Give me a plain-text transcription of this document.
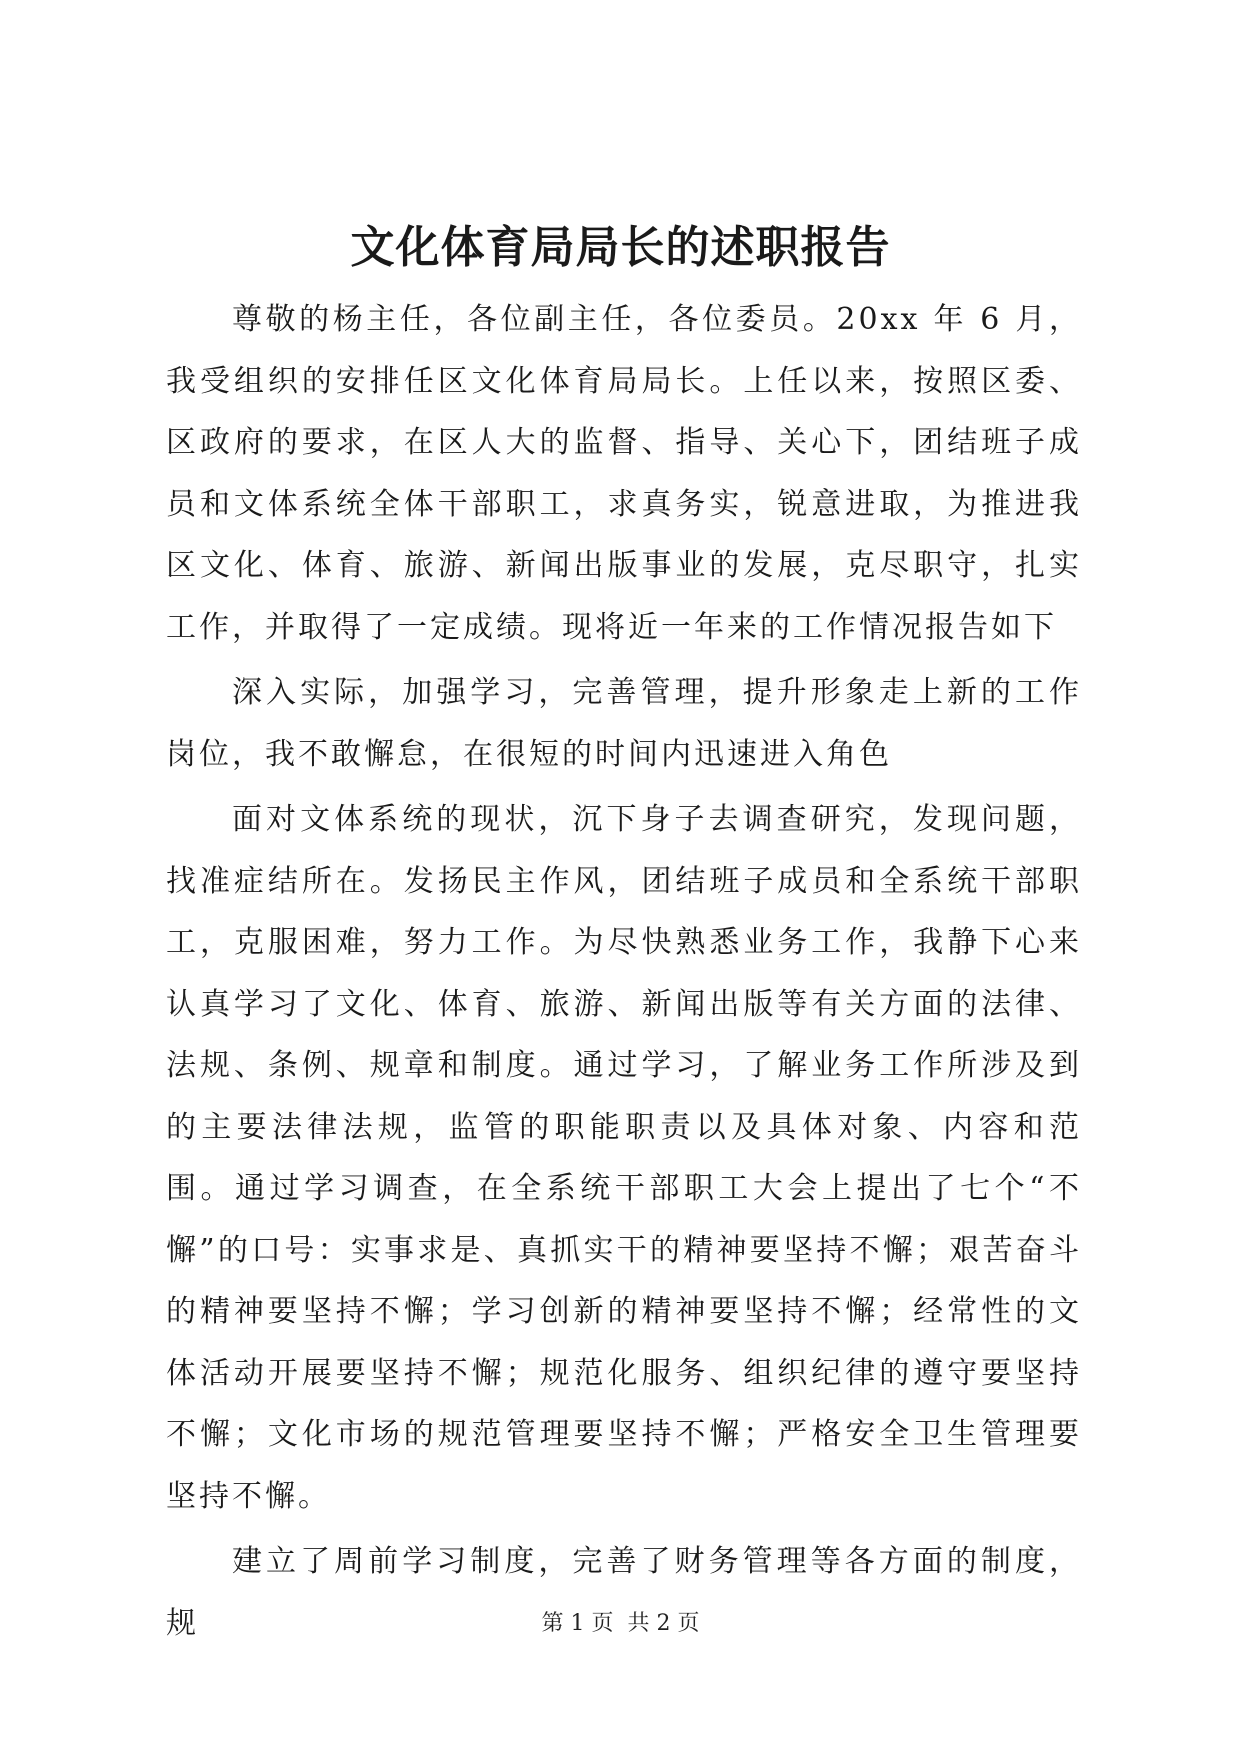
文化体育局局长的述职报告

尊敬的杨主任，各位副主任，各位委员。20xx 年 6 月，我受组织的安排任区文化体育局局长。上任以来，按照区委、区政府的要求，在区人大的监督、指导、关心下，团结班子成员和文体系统全体干部职工，求真务实，锐意进取，为推进我区文化、体育、旅游、新闻出版事业的发展，克尽职守，扎实工作，并取得了一定成绩。现将近一年来的工作情况报告如下

深入实际，加强学习，完善管理，提升形象走上新的工作岗位，我不敢懈怠，在很短的时间内迅速进入角色

面对文体系统的现状，沉下身子去调查研究，发现问题，找准症结所在。发扬民主作风，团结班子成员和全系统干部职工，克服困难，努力工作。为尽快熟悉业务工作，我静下心来认真学习了文化、体育、旅游、新闻出版等有关方面的法律、法规、条例、规章和制度。通过学习，了解业务工作所涉及到的主要法律法规，监管的职能职责以及具体对象、内容和范围。通过学习调查，在全系统干部职工大会上提出了七个“不懈”的口号：实事求是、真抓实干的精神要坚持不懈；艰苦奋斗的精神要坚持不懈；学习创新的精神要坚持不懈；经常性的文体活动开展要坚持不懈；规范化服务、组织纪律的遵守要坚持不懈；文化市场的规范管理要坚持不懈；严格安全卫生管理要坚持不懈。

建立了周前学习制度，完善了财务管理等各方面的制度，规	第 1 页  共 2 页
